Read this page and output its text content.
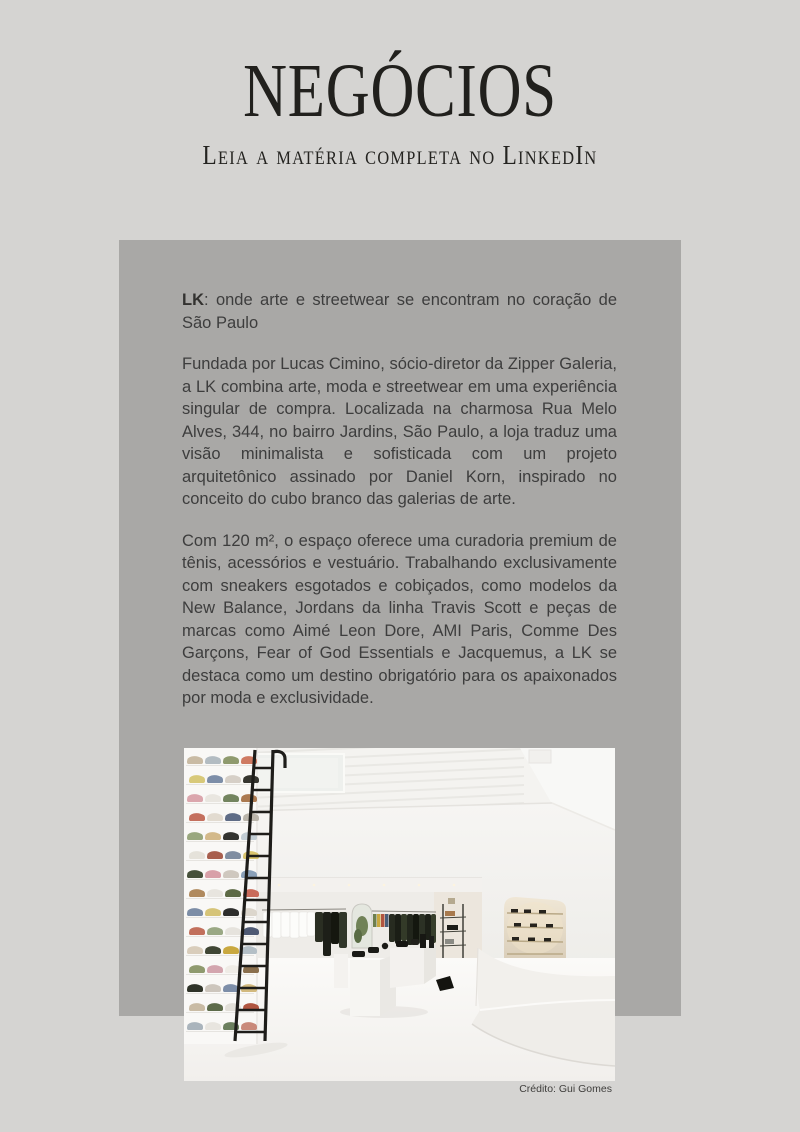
NEGÓCIOS
Leia a matéria completa no LinkedIn

LK: onde arte e streetwear se encontram no coração de São Paulo

Fundada por Lucas Cimino, sócio-diretor da Zipper Galeria, a LK combina arte, moda e streetwear em uma experiência singular de compra. Localizada na charmosa Rua Melo Alves, 344, no bairro Jardins, São Paulo, a loja traduz uma visão minimalista e sofisticada com um projeto arquitetônico assinado por Daniel Korn, inspirado no conceito do cubo branco das galerias de arte.

Com 120 m², o espaço oferece uma curadoria premium de tênis, acessórios e vestuário. Trabalhando exclusivamente com sneakers esgotados e cobiçados, como modelos da New Balance, Jordans da linha Travis Scott e peças de marcas como Aimé Leon Dore, AMI Paris, Comme Des Garçons, Fear of God Essentials e Jacquemus, a LK se destaca como um destino obrigatório para os apaixonados por moda e exclusividade.

Crédito: Gui Gomes
